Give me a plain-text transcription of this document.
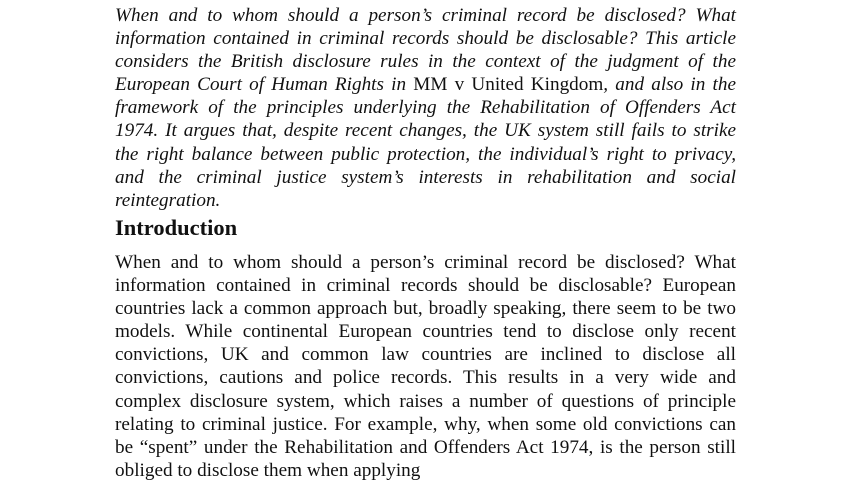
When and to whom should a person’s criminal record be disclosed? What information contained in criminal records should be disclosable? This article considers the British disclosure rules in the context of the judgment of the European Court of Human Rights in MM v United Kingdom, and also in the framework of the principles underlying the Rehabilitation of Offenders Act 1974. It argues that, despite recent changes, the UK system still fails to strike the right balance between public protection, the individual’s right to privacy, and the criminal justice system’s interests in rehabilitation and social reintegration.

Introduction

When and to whom should a person’s criminal record be disclosed? What information contained in criminal records should be disclosable? European countries lack a common approach but, broadly speaking, there seem to be two models. While continental European countries tend to disclose only recent convictions, UK and common law countries are inclined to disclose all convictions, cautions and police records. This results in a very wide and complex disclosure system, which raises a number of questions of principle relating to criminal justice. For example, why, when some old convictions can be “spent” under the Rehabilitation and Offenders Act 1974, is the person still obliged to disclose them when applying
